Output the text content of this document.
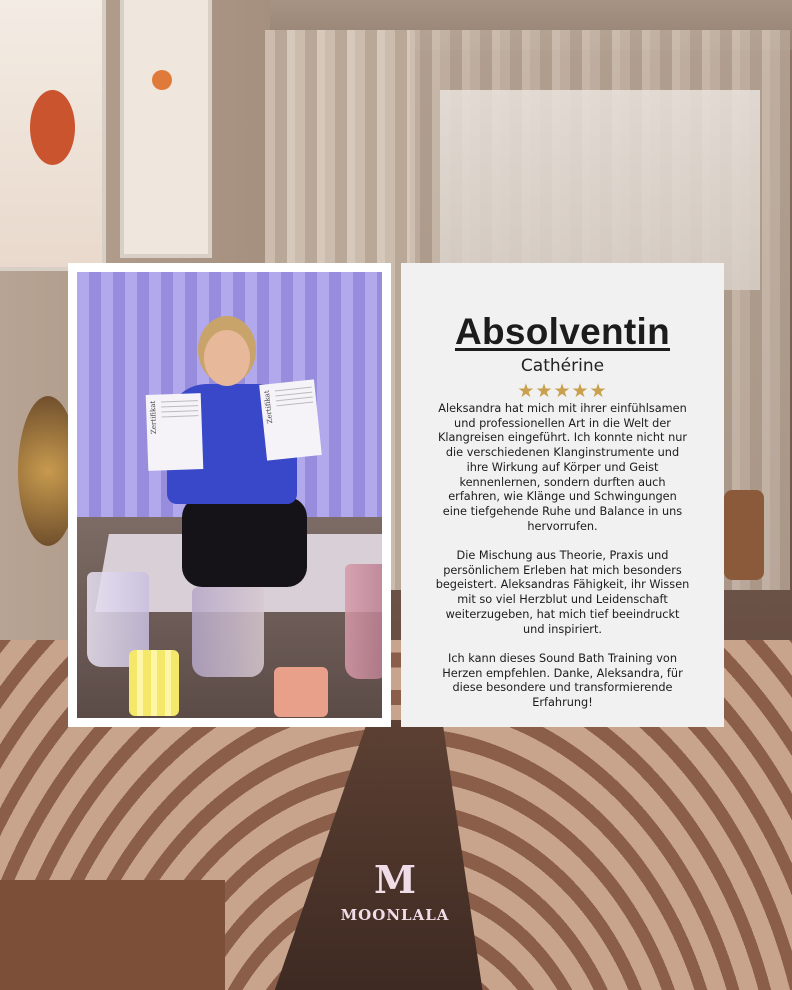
Zertifikat	Zertifikat
Absolventin
Cathérine
★★★★★
Aleksandra hat mich mit ihrer einfühlsamen
und professionellen Art in die Welt der
Klangreisen eingeführt. Ich konnte nicht nur
die verschiedenen Klanginstrumente und
ihre Wirkung auf Körper und Geist
kennenlernen, sondern durften auch
erfahren, wie Klänge und Schwingungen
eine tiefgehende Ruhe und Balance in uns
hervorrufen.
Die Mischung aus Theorie, Praxis und
persönlichem Erleben hat mich besonders
begeistert. Aleksandras Fähigkeit, ihr Wissen
mit so viel Herzblut und Leidenschaft
weiterzugeben, hat mich tief beeindruckt
und inspiriert.
Ich kann dieses Sound Bath Training von
Herzen empfehlen. Danke, Aleksandra, für
diese besondere und transformierende
Erfahrung!
M
MOONLALA
